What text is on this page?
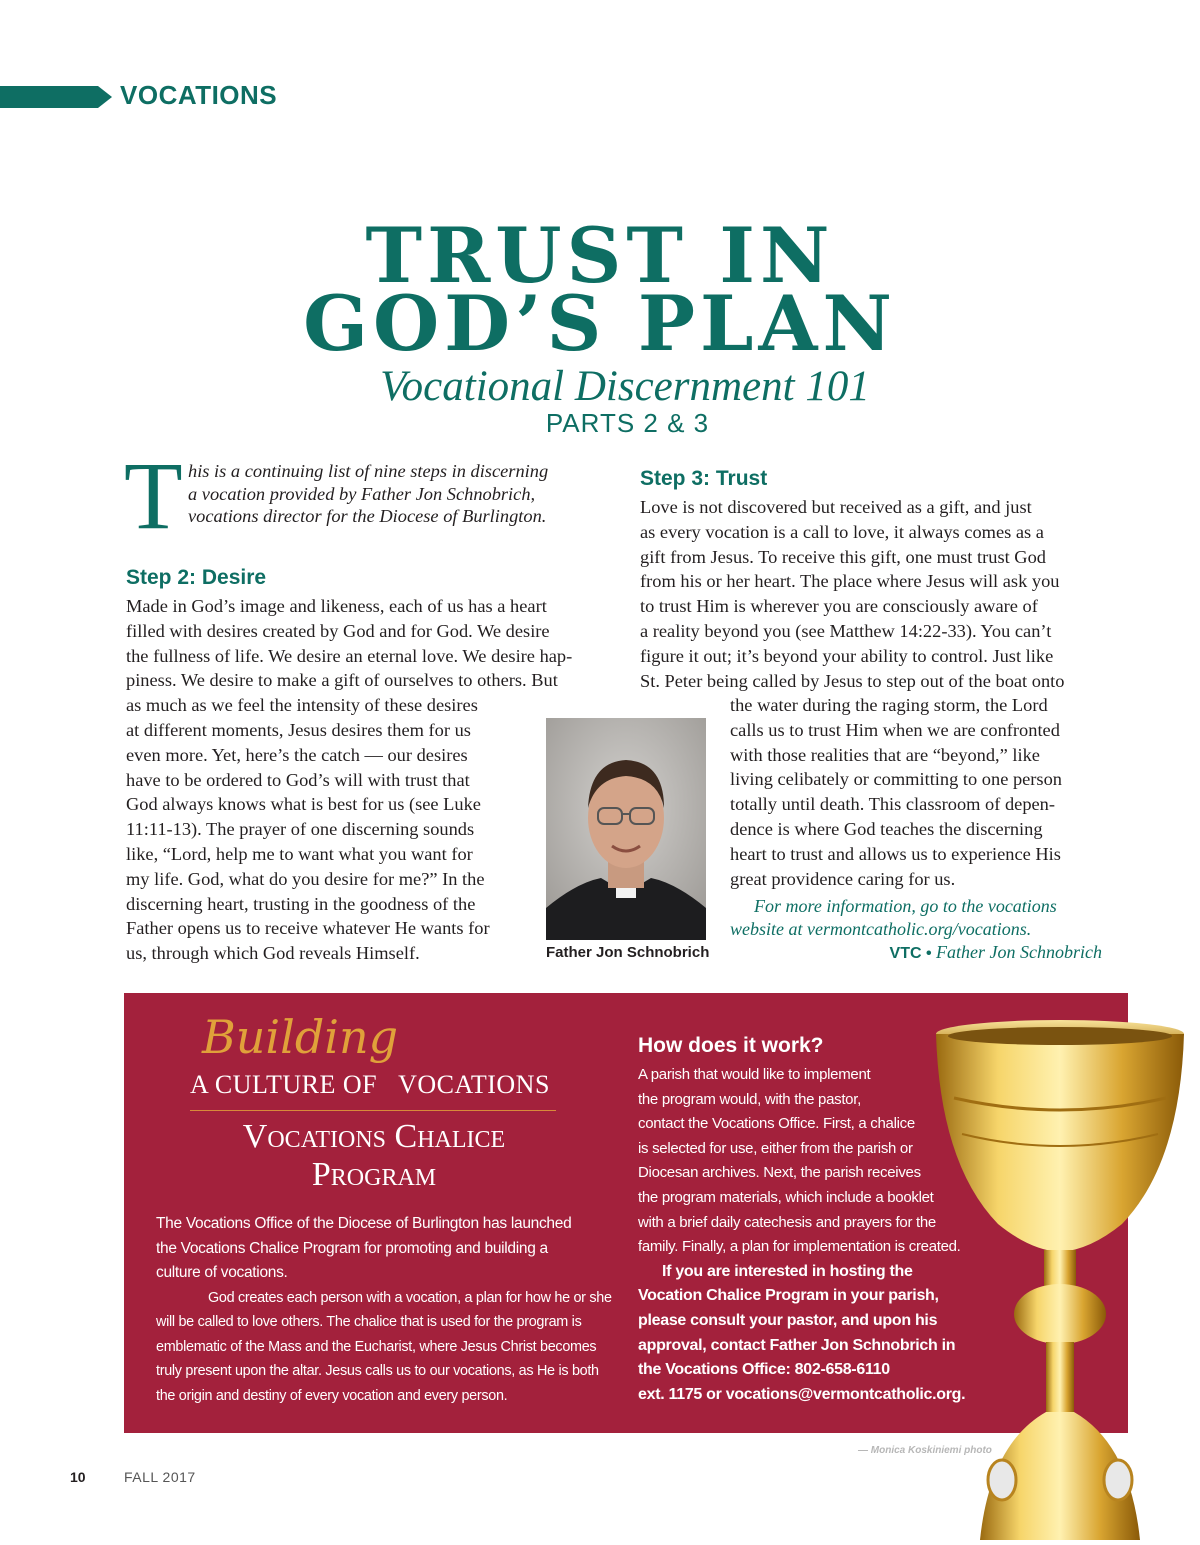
VOCATIONS
TRUST IN
GOD’S PLAN
Vocational Discernment 101
PARTS 2 & 3
T his is a continuing list of nine steps in discerning
a vocation provided by Father Jon Schnobrich,
vocations director for the Diocese of Burlington.
Step 2: Desire
Made in God’s image and likeness, each of us has a heart
filled with desires created by God and for God. We desire
the fullness of life. We desire an eternal love. We desire hap-
piness. We desire to make a gift of ourselves to others. But
as much as we feel the intensity of these desires
at different moments, Jesus desires them for us
even more. Yet, here’s the catch — our desires
have to be ordered to God’s will with trust that
God always knows what is best for us (see Luke
11:11-13). The prayer of one discerning sounds
like, “Lord, help me to want what you want for
my life. God, what do you desire for me?” In the
discerning heart, trusting in the goodness of the
Father opens us to receive whatever He wants for
us, through which God reveals Himself.	Father Jon Schnobrich
Step 3: Trust
Love is not discovered but received as a gift, and just
as every vocation is a call to love, it always comes as a
gift from Jesus. To receive this gift, one must trust God
from his or her heart. The place where Jesus will ask you
to trust Him is wherever you are consciously aware of
a reality beyond you (see Matthew 14:22-33). You can’t
figure it out; it’s beyond your ability to control. Just like
St. Peter being called by Jesus to step out of the boat onto
the water during the raging storm, the Lord
calls us to trust Him when we are confronted
with those realities that are “beyond,” like
living celibately or committing to one person
totally until death. This classroom of depen-
dence is where God teaches the discerning
heart to trust and allows us to experience His
great providence caring for us.
For more information, go to the vocations
website at vermontcatholic.org/vocations.
VTC • Father Jon Schnobrich
Building
A CULTURE OF VOCATIONS
Vocations Chalice
Program
The Vocations Office of the Diocese of Burlington has launched
the Vocations Chalice Program for promoting and building a
culture of vocations.
God creates each person with a vocation, a plan for how he or she
will be called to love others. The chalice that is used for the program is
emblematic of the Mass and the Eucharist, where Jesus Christ becomes
truly present upon the altar. Jesus calls us to our vocations, as He is both
the origin and destiny of every vocation and every person.
How does it work?
A parish that would like to implement
the program would, with the pastor,
contact the Vocations Office. First, a chalice
is selected for use, either from the parish or
Diocesan archives. Next, the parish receives
the program materials, which include a booklet
with a brief daily catechesis and prayers for the
family. Finally, a plan for implementation is created.
If you are interested in hosting the
Vocation Chalice Program in your parish,
please consult your pastor, and upon his
approval, contact Father Jon Schnobrich in
the Vocations Office: 802-658-6110
ext. 1175 or vocations@vermontcatholic.org.
— Monica Koskiniemi photo
10	FALL 2017
